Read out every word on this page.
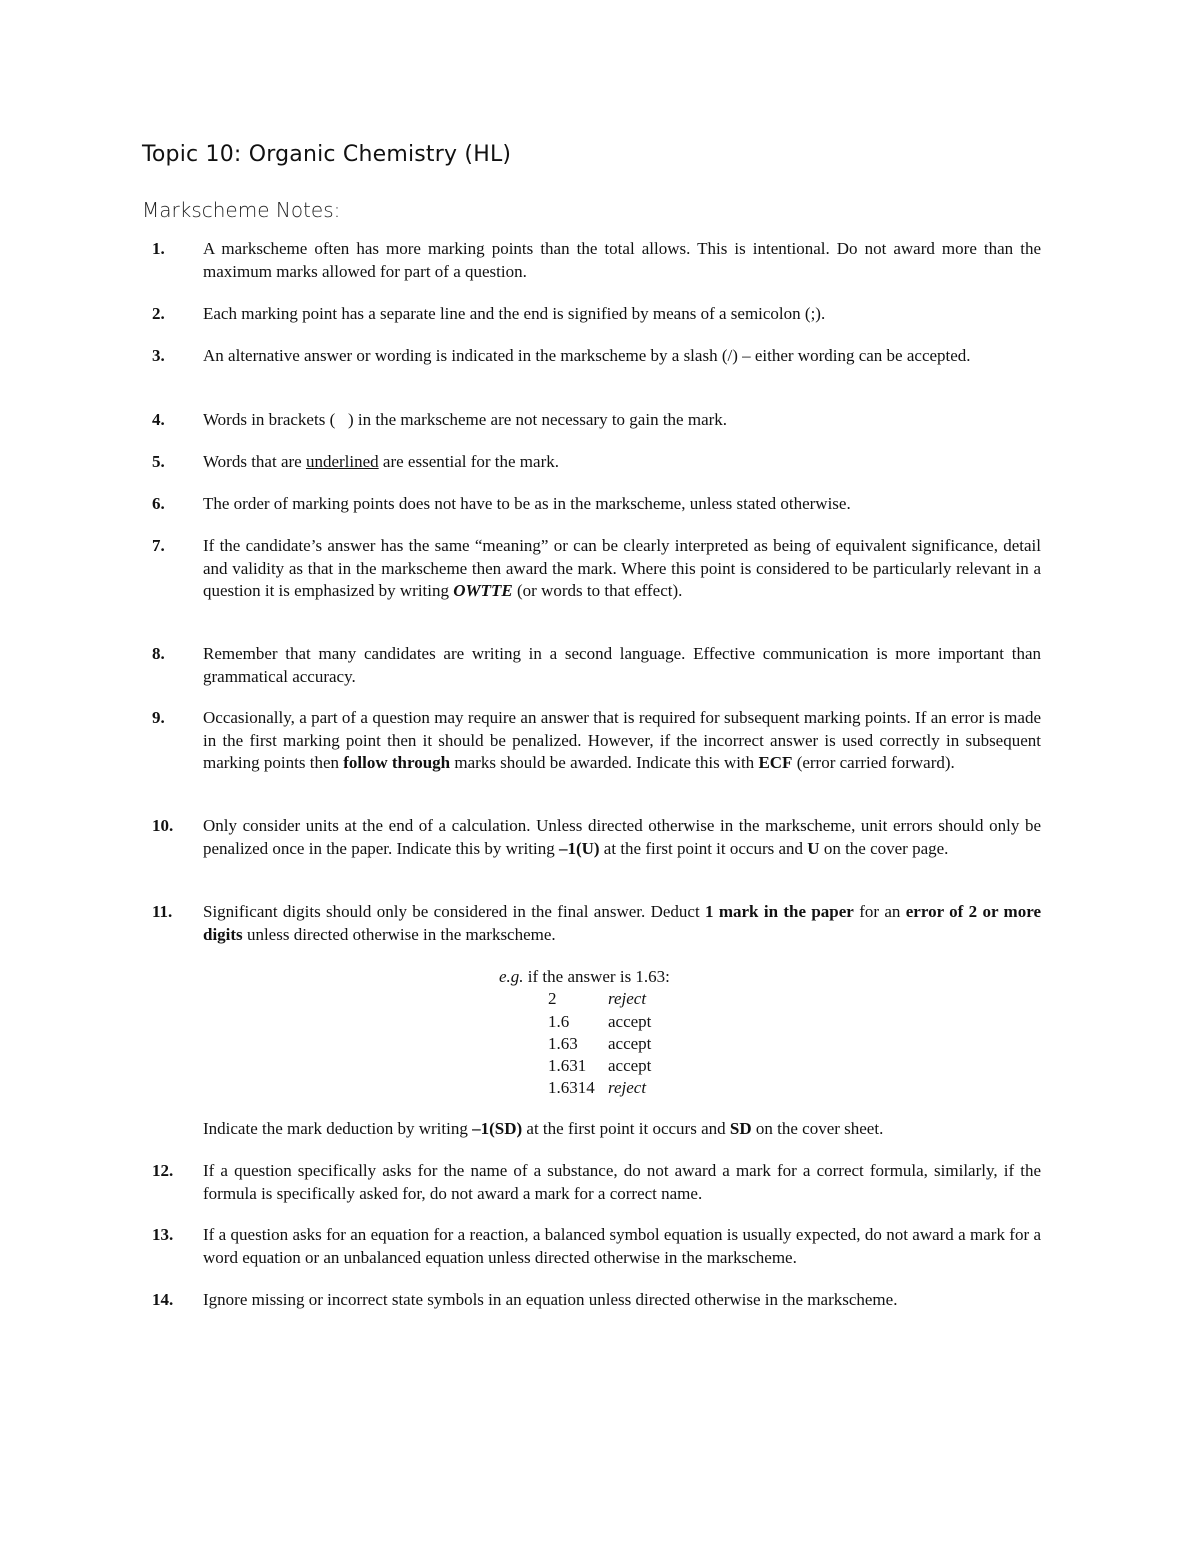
Topic 10: Organic Chemistry (HL)
Markscheme Notes:
1. A markscheme often has more marking points than the total allows. This is intentional. Do not award more than the maximum marks allowed for part of a question.
2. Each marking point has a separate line and the end is signified by means of a semicolon (;).
3. An alternative answer or wording is indicated in the markscheme by a slash (/) – either wording can be accepted.
4. Words in brackets (   ) in the markscheme are not necessary to gain the mark.
5. Words that are underlined are essential for the mark.
6. The order of marking points does not have to be as in the markscheme, unless stated otherwise.
7. If the candidate’s answer has the same “meaning” or can be clearly interpreted as being of equivalent significance, detail and validity as that in the markscheme then award the mark. Where this point is considered to be particularly relevant in a question it is emphasized by writing OWTTE (or words to that effect).
8. Remember that many candidates are writing in a second language. Effective communication is more important than grammatical accuracy.
9. Occasionally, a part of a question may require an answer that is required for subsequent marking points. If an error is made in the first marking point then it should be penalized. However, if the incorrect answer is used correctly in subsequent marking points then follow through marks should be awarded. Indicate this with ECF (error carried forward).
10. Only consider units at the end of a calculation. Unless directed otherwise in the markscheme, unit errors should only be penalized once in the paper. Indicate this by writing –1(U) at the first point it occurs and U on the cover page.
11. Significant digits should only be considered in the final answer. Deduct 1 mark in the paper for an error of 2 or more digits unless directed otherwise in the markscheme.
e.g. if the answer is 1.63:
2	reject
1.6 accept
1.63 accept
1.631 accept
1.6314 reject
Indicate the mark deduction by writing –1(SD) at the first point it occurs and SD on the cover sheet.
12. If a question specifically asks for the name of a substance, do not award a mark for a correct formula, similarly, if the formula is specifically asked for, do not award a mark for a correct name.
13. If a question asks for an equation for a reaction, a balanced symbol equation is usually expected, do not award a mark for a word equation or an unbalanced equation unless directed otherwise in the markscheme.
14. Ignore missing or incorrect state symbols in an equation unless directed otherwise in the markscheme.
